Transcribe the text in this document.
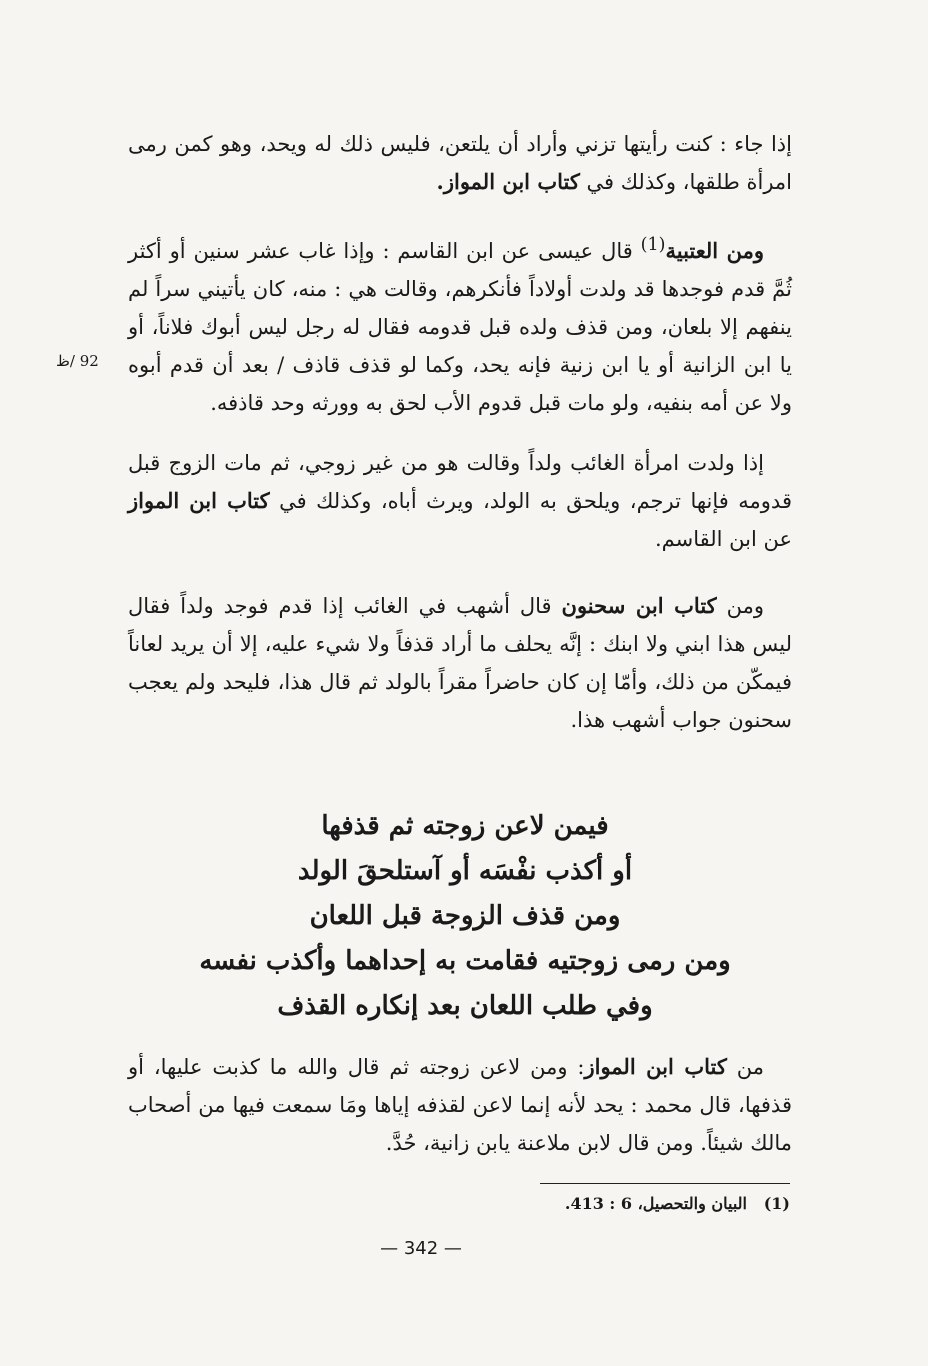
إذا جاء : كنت رأيتها تزني وأراد أن يلتعن، فليس ذلك له ويحد، وهو كمن رمى امرأة طلقها، وكذلك في كتاب ابن المواز.

ومن العتبية$^{(1)}$ قال عيسى عن ابن القاسم : وإذا غاب عشر سنين أو أكثر ثُمَّ قدم فوجدها قد ولدت أولاداً فأنكرهم، وقالت هي : منه، كان يأتيني سراً لم ينفهم إلا بلعان، ومن قذف ولده قبل قدومه فقال له رجل ليس أبوك فلاناً، أو يا ابن الزانية أو يا ابن زنية فإنه يحد، وكما لو قذف قاذف / بعد أن قدم أبوه ولا عن أمه بنفيه، ولو مات قبل قدوم الأب لحق به وورثه وحد قاذفه.

92 /ظ

إذا ولدت امرأة الغائب ولداً وقالت هو من غير زوجي، ثم مات الزوج قبل قدومه فإنها ترجم، ويلحق به الولد، ويرث أباه، وكذلك في كتاب ابن المواز عن ابن القاسم.

ومن كتاب ابن سحنون قال أشهب في الغائب إذا قدم فوجد ولداً فقال ليس هذا ابني ولا ابنك : إنَّه يحلف ما أراد قذفاً ولا شيء عليه، إلا أن يريد لعاناً فيمكّن من ذلك، وأمّا إن كان حاضراً مقراً بالولد ثم قال هذا، فليحد ولم يعجب سحنون جواب أشهب هذا.

فيمن لاعن زوجته ثم قذفها
أو أكذب نفْسَه أو آستلحقَ الولد
ومن قذف الزوجة قبل اللعان
ومن رمى زوجتيه فقامت به إحداهما وأكذب نفسه
وفي طلب اللعان بعد إنكاره القذف

من كتاب ابن المواز: ومن لاعن زوجته ثم قال والله ما كذبت عليها، أو قذفها، قال محمد : يحد لأنه إنما لاعن لقذفه إياها ومَا سمعت فيها من أصحاب مالك شيئاً. ومن قال لابن ملاعنة يابن زانية، حُدَّ.

(1)   البيان والتحصيل، 6 : 413.
— 342 —
